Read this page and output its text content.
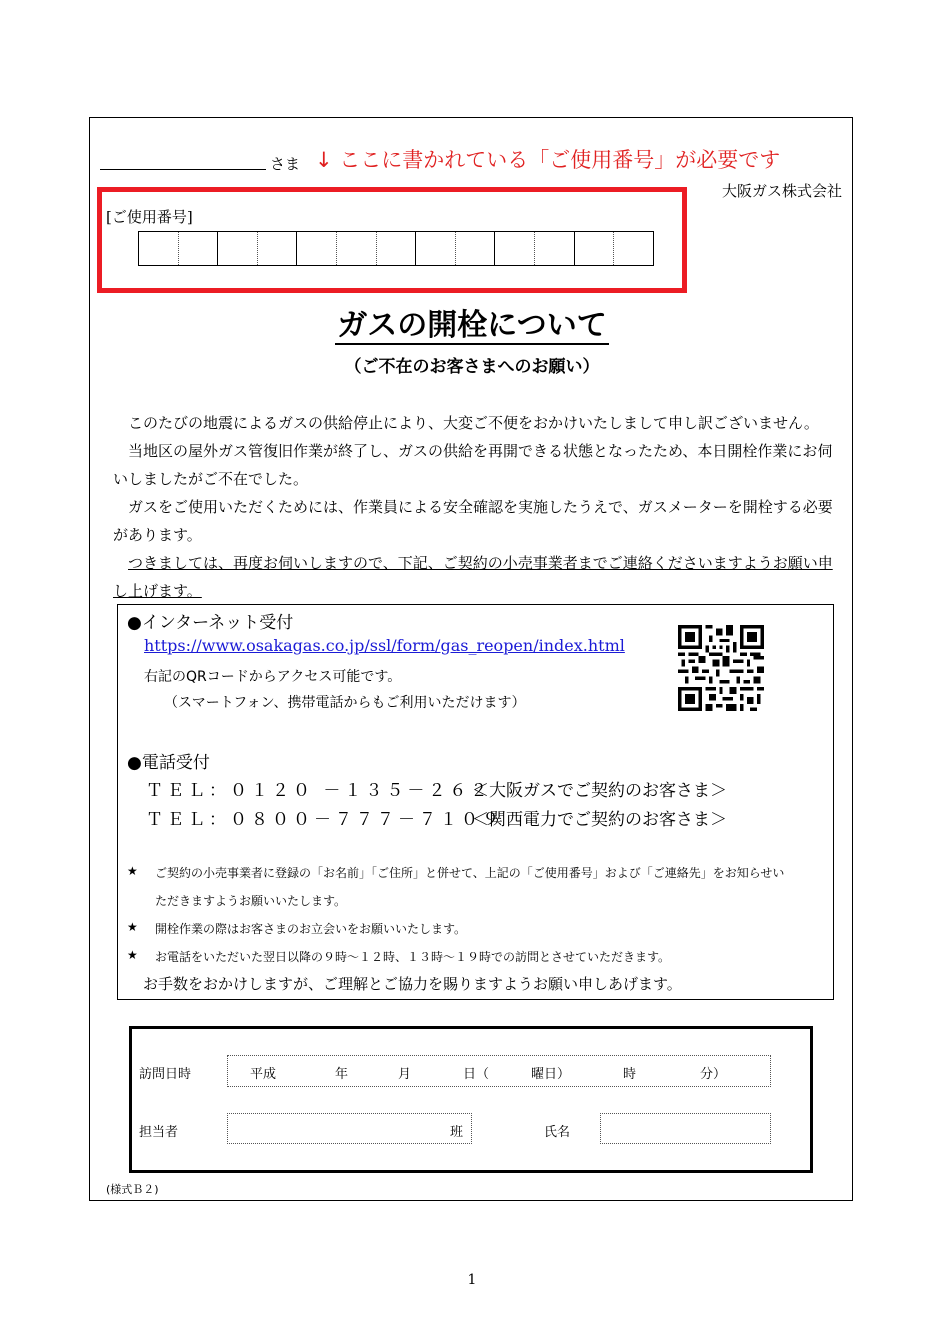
さま ↓ ここに書かれている「ご使用番号」が必要です
大阪ガス株式会社
[ご使用番号]
ガスの開栓について
（ご不在のお客さまへのお願い）

このたびの地震によるガスの供給停止により、大変ご不便をおかけいたしまして申し訳ございません。

当地区の屋外ガス管復旧作業が終了し、ガスの供給を再開できる状態となったため、本日開栓作業にお伺いしましたがご不在でした。

ガスをご使用いただくためには、作業員による安全確認を実施したうえで、ガスメーターを開栓する必要があります。

つきましては、再度お伺いしますので、下記、ご契約の小売事業者までご連絡くださいますようお願い申し上げます。

●インターネット受付
https://www.osakagas.co.jp/ssl/form/gas_reopen/index.html
右記のQRコードからアクセス可能です。
（スマートフォン、携帯電話からもご利用いただけます）
●電話受付
ＴＥＬ：０１２０ －１３５－２６２
＜大阪ガスでご契約のお客さま＞
ＴＥＬ：０８００－７７７－７１０９
＜関西電力でご契約のお客さま＞
★ ご契約の小売事業者に登録の「お名前」「ご住所」と併せて、上記の「ご使用番号」および「ご連絡先」をお知らせい
ただきますようお願いいたします。
★ 開栓作業の際はお客さまのお立会いをお願いいたします。
★ お電話をいただいた翌日以降の９時～１２時、１３時～１９時での訪問とさせていただきます。
お手数をおかけしますが、ご理解とご協力を賜りますようお願い申しあげます。
訪問日時	平成	年	月	日（	曜日）	時	分）
担当者	班	氏名
(様式Ｂ２)
1
